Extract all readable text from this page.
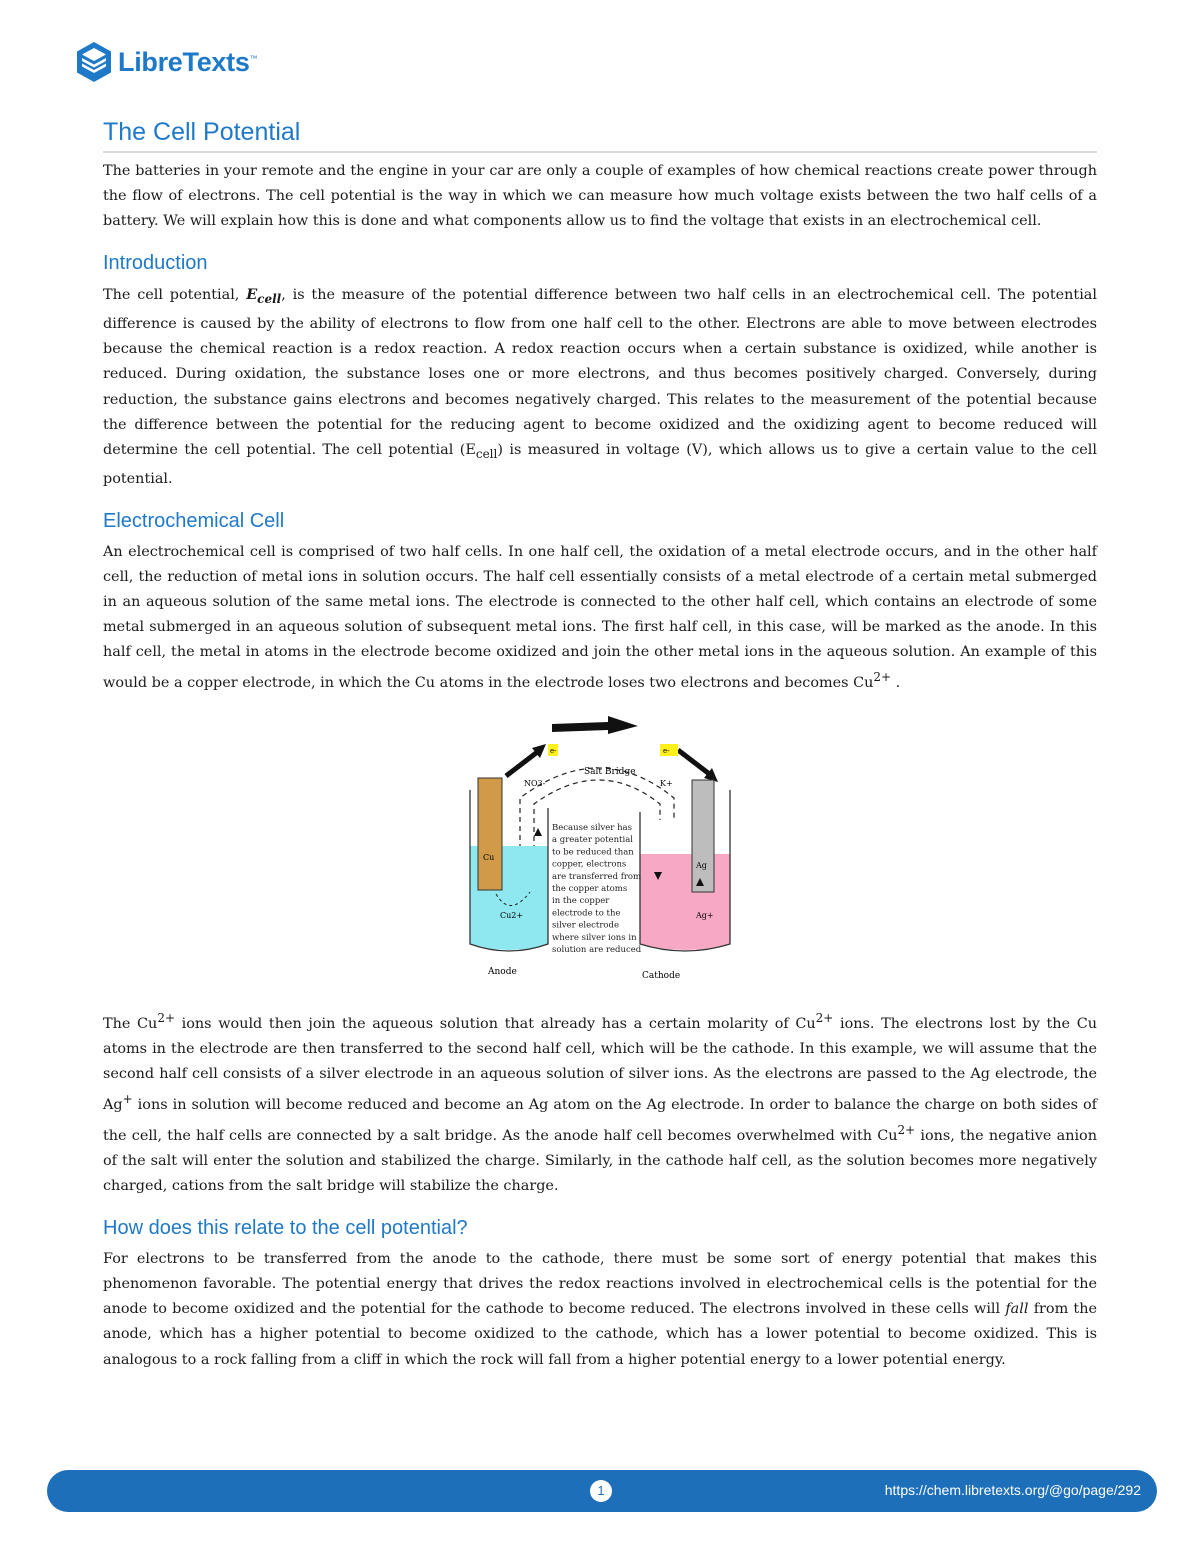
LibreTexts™
The Cell Potential

The batteries in your remote and the engine in your car are only a couple of examples of how chemical reactions create power through the flow of electrons. The cell potential is the way in which we can measure how much voltage exists between the two half cells of a battery. We will explain how this is done and what components allow us to find the voltage that exists in an electrochemical cell.

Introduction

The cell potential, $E_{cell}$, is the measure of the potential difference between two half cells in an electrochemical cell. The potential difference is caused by the ability of electrons to flow from one half cell to the other. Electrons are able to move between electrodes because the chemical reaction is a redox reaction. A redox reaction occurs when a certain substance is oxidized, while another is reduced. During oxidation, the substance loses one or more electrons, and thus becomes positively charged. Conversely, during reduction, the substance gains electrons and becomes negatively charged. This relates to the measurement of the potential because the difference between the potential for the reducing agent to become oxidized and the oxidizing agent to become reduced will determine the cell potential. The cell potential $(E_{cell})$ is measured in voltage (V), which allows us to give a certain value to the cell potential.

Electrochemical Cell

An electrochemical cell is comprised of two half cells. In one half cell, the oxidation of a metal electrode occurs, and in the other half cell, the reduction of metal ions in solution occurs. The half cell essentially consists of a metal electrode of a certain metal submerged in an aqueous solution of the same metal ions. The electrode is connected to the other half cell, which contains an electrode of some metal submerged in an aqueous solution of subsequent metal ions. The first half cell, in this case, will be marked as the anode. In this half cell, the metal in atoms in the electrode become oxidized and join the other metal ions in the aqueous solution. An example of this would be a copper electrode, in which the Cu atoms in the electrode loses two electrons and becomes $Cu^{2+}$ .

e-	e-
Salt Bridge
NO3-	K+
Cu
Cu2+
Ag
Ag+
Because silver has
a greater potential
to be reduced than
copper, electrons
are transferred from
the copper atoms
in the copper
electrode to the
silver electrode
where silver ions in
solution are reduced
Anode	Cathode

The $Cu^{2+}$ ions would then join the aqueous solution that already has a certain molarity of $Cu^{2+}$ ions. The electrons lost by the Cu atoms in the electrode are then transferred to the second half cell, which will be the cathode. In this example, we will assume that the second half cell consists of a silver electrode in an aqueous solution of silver ions. As the electrons are passed to the Ag electrode, the Ag+ ions in solution will become reduced and become an Ag atom on the Ag electrode. In order to balance the charge on both sides of the cell, the half cells are connected by a salt bridge. As the anode half cell becomes overwhelmed with $Cu^{2+}$ ions, the negative anion of the salt will enter the solution and stabilized the charge. Similarly, in the cathode half cell, as the solution becomes more negatively charged, cations from the salt bridge will stabilize the charge.

How does this relate to the cell potential?

For electrons to be transferred from the anode to the cathode, there must be some sort of energy potential that makes this phenomenon favorable. The potential energy that drives the redox reactions involved in electrochemical cells is the potential for the anode to become oxidized and the potential for the cathode to become reduced. The electrons involved in these cells will fall from the anode, which has a higher potential to become oxidized to the cathode, which has a lower potential to become oxidized. This is analogous to a rock falling from a cliff in which the rock will fall from a higher potential energy to a lower potential energy.

1	https://chem.libretexts.org/@go/page/292
